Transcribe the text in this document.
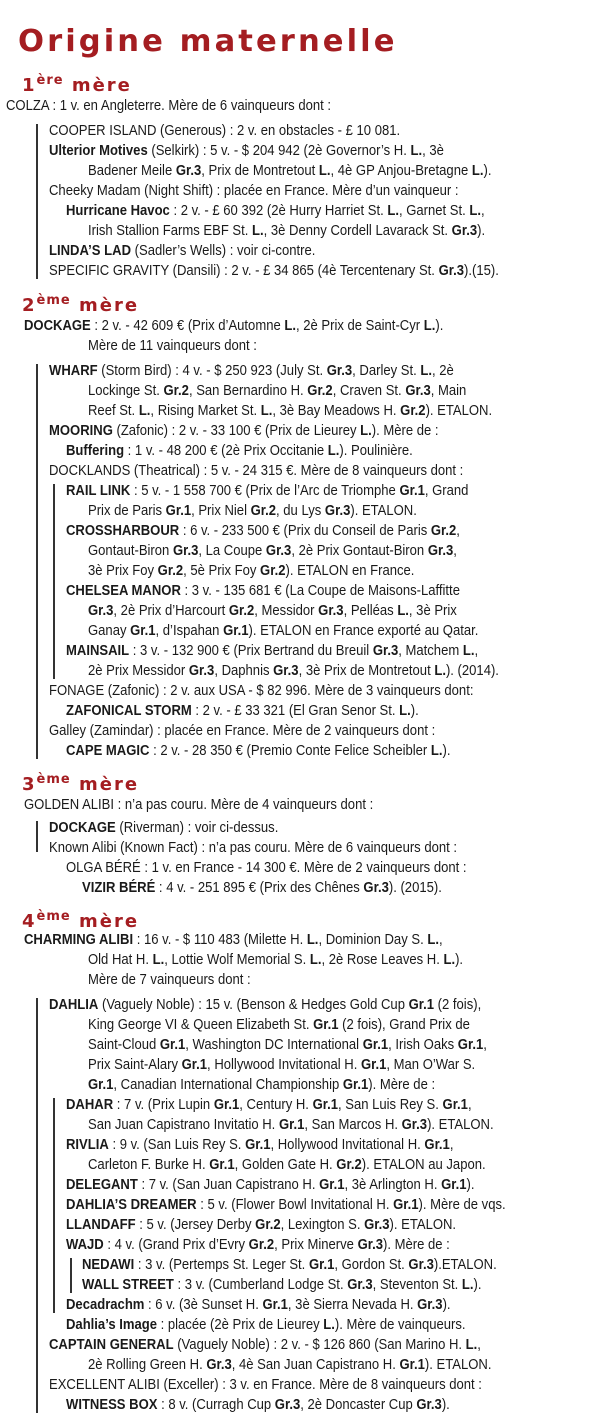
Origine maternelle
1ère mère
COLZA : 1 v. en Angleterre. Mère de 6 vainqueurs dont :
COOPER ISLAND (Generous) : 2 v. en obstacles - £ 10 081.
Ulterior Motives (Selkirk) : 5 v. - $ 204 942 (2è Governor’s H. L., 3è
Badener Meile Gr.3, Prix de Montretout L., 4è GP Anjou-Bretagne L.).
Cheeky Madam (Night Shift) : placée en France. Mère d’un vainqueur :
Hurricane Havoc : 2 v. - £ 60 392 (2è Hurry Harriet St. L., Garnet St. L.,
Irish Stallion Farms EBF St. L., 3è Denny Cordell Lavarack St. Gr.3).
LINDA’S LAD (Sadler’s Wells) : voir ci-contre.
SPECIFIC GRAVITY (Dansili) : 2 v. - £ 34 865 (4è Tercentenary St. Gr.3).(15).
2ème mère
DOCKAGE : 2 v. - 42 609 € (Prix d’Automne L., 2è Prix de Saint-Cyr L.).
Mère de 11 vainqueurs dont :
WHARF (Storm Bird) : 4 v. - $ 250 923 (July St. Gr.3, Darley St. L., 2è
Lockinge St. Gr.2, San Bernardino H. Gr.2, Craven St. Gr.3, Main
Reef St. L., Rising Market St. L., 3è Bay Meadows H. Gr.2). ETALON.
MOORING (Zafonic) : 2 v. - 33 100 € (Prix de Lieurey L.). Mère de :
Buffering : 1 v. - 48 200 € (2è Prix Occitanie L.). Poulinière.
DOCKLANDS (Theatrical) : 5 v. - 24 315 €. Mère de 8 vainqueurs dont :
RAIL LINK : 5 v. - 1 558 700 € (Prix de l’Arc de Triomphe Gr.1, Grand
Prix de Paris Gr.1, Prix Niel Gr.2, du Lys Gr.3). ETALON.
CROSSHARBOUR : 6 v. - 233 500 € (Prix du Conseil de Paris Gr.2,
Gontaut-Biron Gr.3, La Coupe Gr.3, 2è Prix Gontaut-Biron Gr.3,
3è Prix Foy Gr.2, 5è Prix Foy Gr.2). ETALON en France.
CHELSEA MANOR : 3 v. - 135 681 € (La Coupe de Maisons-Laffitte
Gr.3, 2è Prix d’Harcourt Gr.2, Messidor Gr.3, Pelléas L., 3è Prix
Ganay Gr.1, d’Ispahan Gr.1). ETALON en France exporté au Qatar.
MAINSAIL : 3 v. - 132 900 € (Prix Bertrand du Breuil Gr.3, Matchem L.,
2è Prix Messidor Gr.3, Daphnis Gr.3, 3è Prix de Montretout L.). (2014).
FONAGE (Zafonic) : 2 v. aux USA - $ 82 996. Mère de 3 vainqueurs dont:
ZAFONICAL STORM : 2 v. - £ 33 321 (El Gran Senor St. L.).
Galley (Zamindar) : placée en France. Mère de 2 vainqueurs dont :
CAPE MAGIC : 2 v. - 28 350 € (Premio Conte Felice Scheibler L.).
3ème mère
GOLDEN ALIBI : n’a pas couru. Mère de 4 vainqueurs dont :
DOCKAGE (Riverman) : voir ci-dessus.
Known Alibi (Known Fact) : n’a pas couru. Mère de 6 vainqueurs dont :
OLGA BÉRÉ : 1 v. en France - 14 300 €. Mère de 2 vainqueurs dont :
VIZIR BÉRÉ : 4 v. - 251 895 € (Prix des Chênes Gr.3). (2015).
4ème mère
CHARMING ALIBI : 16 v. - $ 110 483 (Milette H. L., Dominion Day S. L.,
Old Hat H. L., Lottie Wolf Memorial S. L., 2è Rose Leaves H. L.).
Mère de 7 vainqueurs dont :
DAHLIA (Vaguely Noble) : 15 v. (Benson & Hedges Gold Cup Gr.1 (2 fois),
King George VI & Queen Elizabeth St. Gr.1 (2 fois), Grand Prix de
Saint-Cloud Gr.1, Washington DC International Gr.1, Irish Oaks Gr.1,
Prix Saint-Alary Gr.1, Hollywood Invitational H. Gr.1, Man O’War S.
Gr.1, Canadian International Championship Gr.1). Mère de :
DAHAR : 7 v. (Prix Lupin Gr.1, Century H. Gr.1, San Luis Rey S. Gr.1,
San Juan Capistrano Invitatio H. Gr.1, San Marcos H. Gr.3). ETALON.
RIVLIA : 9 v. (San Luis Rey S. Gr.1, Hollywood Invitational H. Gr.1,
Carleton F. Burke H. Gr.1, Golden Gate H. Gr.2). ETALON au Japon.
DELEGANT : 7 v. (San Juan Capistrano H. Gr.1, 3è Arlington H. Gr.1).
DAHLIA’S DREAMER : 5 v. (Flower Bowl Invitational H. Gr.1). Mère de vqs.
LLANDAFF : 5 v. (Jersey Derby Gr.2, Lexington S. Gr.3). ETALON.
WAJD : 4 v. (Grand Prix d’Evry Gr.2, Prix Minerve Gr.3). Mère de :
NEDAWI : 3 v. (Pertemps St. Leger St. Gr.1, Gordon St. Gr.3).ETALON.
WALL STREET : 3 v. (Cumberland Lodge St. Gr.3, Steventon St. L.).
Decadrachm : 6 v. (3è Sunset H. Gr.1, 3è Sierra Nevada H. Gr.3).
Dahlia’s Image : placée (2è Prix de Lieurey L.). Mère de vainqueurs.
CAPTAIN GENERAL (Vaguely Noble) : 2 v. - $ 126 860 (San Marino H. L.,
2è Rolling Green H. Gr.3, 4è San Juan Capistrano H. Gr.1). ETALON.
EXCELLENT ALIBI (Exceller) : 3 v. en France. Mère de 8 vainqueurs dont :
WITNESS BOX : 8 v. (Curragh Cup Gr.3, 2è Doncaster Cup Gr.3).
